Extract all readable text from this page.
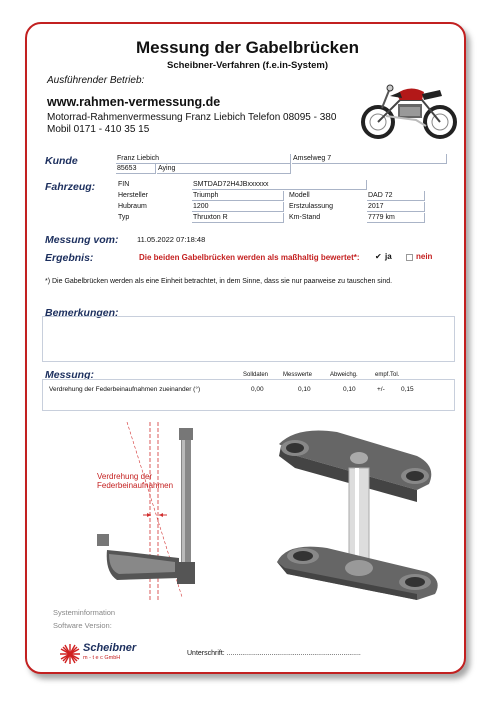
Messung der Gabelbrücken
Scheibner-Verfahren (f.e.in-System)
Ausführender Betrieb:
www.rahmen-vermessung.de
Motorrad-Rahmenvermessung Franz Liebich Telefon 08095 - 380
Mobil 0171 - 410 35 15
Kunde	Franz Liebich	Amselweg 7
85653	Aying
Fahrzeug:	FIN	SMTDAD72H4JBxxxxxx
Hersteller	Triumph	Modell	DAD 72
Hubraum	1200	Erstzulassung	2017
Typ	Thruxton R	Km-Stand	7779 km
Messung vom: 11.05.2022 07:18:48
Ergebnis:	Die beiden Gabelbrücken werden als maßhaltig bewertet*: ✔ ja	nein
*) Die Gabelbrücken werden als eine Einheit betrachtet, in dem Sinne, dass sie nur paarweise zu tauschen sind.
Bemerkungen:
Messung:	Solldaten Messwerte	Abweichg.	empf.Tol.
Verdrehung der Federbeinaufnahmen zueinander (°)	0,00	0,10	0,10	+/- 0,15
Verdrehung der
Federbeinaufnahmen
Systeminformation
Software Version:
Scheibner
m - t e c GmbH
Unterschrift: .....................................................................
